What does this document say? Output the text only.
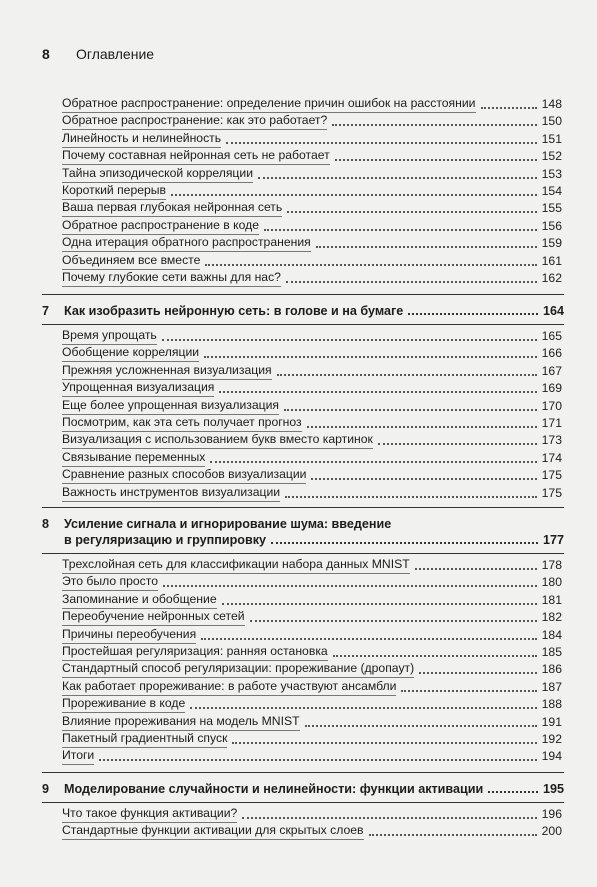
8 Оглавление
Обратное распространение: определение причин ошибок на расстоянии	148
Обратное распространение: как это работает?	150
Линейность и нелинейность	151
Почему составная нейронная сеть не работает	152
Тайна эпизодической корреляции	153
Короткий перерыв	154
Ваша первая глубокая нейронная сеть	155
Обратное распространение в коде	156
Одна итерация обратного распространения	159
Объединяем все вместе	161
Почему глубокие сети важны для нас?	162
7 Как изобразить нейронную сеть: в голове и на бумаге	164
Время упрощать	165
Обобщение корреляции	166
Прежняя усложненная визуализация	167
Упрощенная визуализация	169
Еще более упрощенная визуализация	170
Посмотрим, как эта сеть получает прогноз	171
Визуализация с использованием букв вместо картинок	173
Связывание переменных	174
Сравнение разных способов визуализации	175
Важность инструментов визуализации	175
8 Усиление сигнала и игнорирование шума: введение
в регуляризацию и группировку	177
Трехслойная сеть для классификации набора данных MNIST	178
Это было просто	180
Запоминание и обобщение	181
Переобучение нейронных сетей	182
Причины переобучения	184
Простейшая регуляризация: ранняя остановка	185
Стандартный способ регуляризации: прореживание (дропаут)	186
Как работает прореживание: в работе участвуют ансамбли	187
Прореживание в коде	188
Влияние прореживания на модель MNIST	191
Пакетный градиентный спуск	192
Итоги	194
9 Моделирование случайности и нелинейности: функции активации	195
Что такое функция активации?	196
Стандартные функции активации для скрытых слоев	200
